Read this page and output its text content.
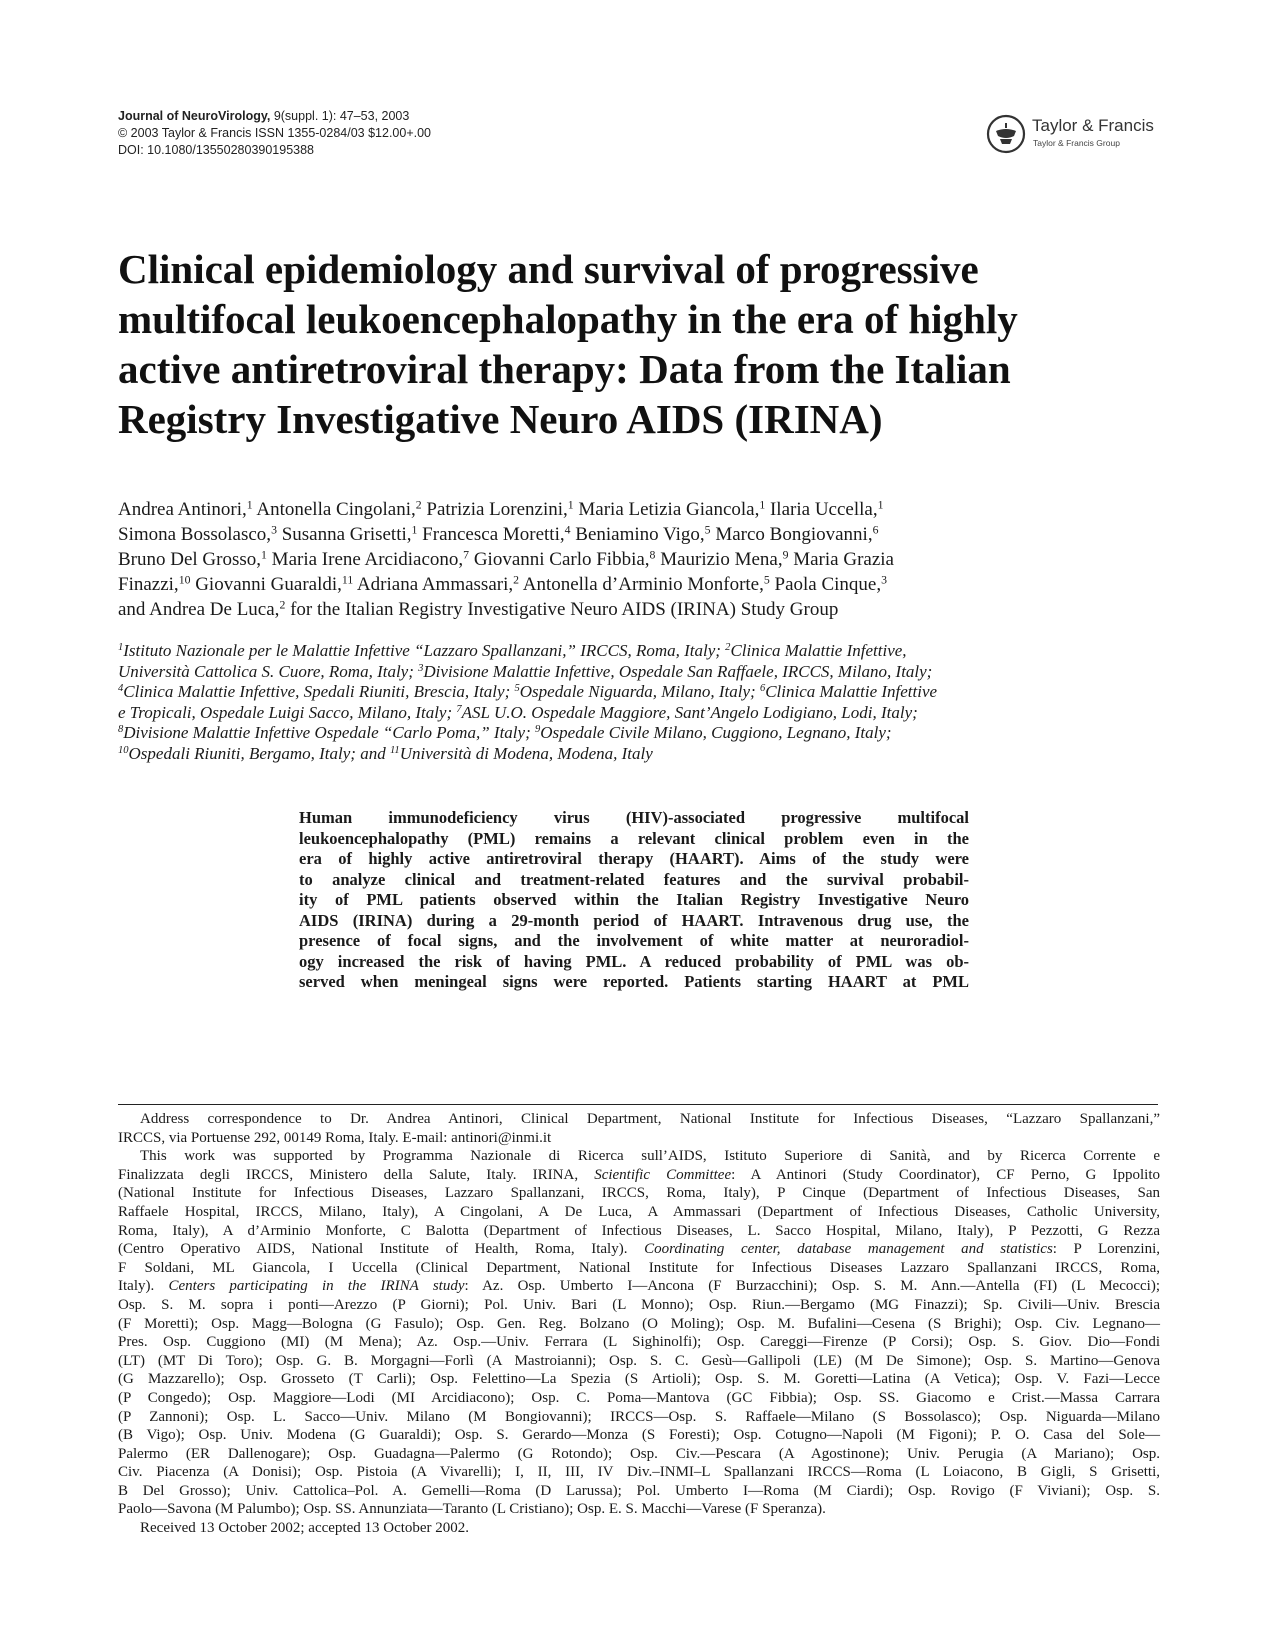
Journal of NeuroVirology, 9(suppl. 1): 47–53, 2003
© 2003 Taylor & Francis ISSN 1355-0284/03 $12.00+.00
DOI: 10.1080/13550280390195388
Taylor & Francis
Taylor & Francis Group
Clinical epidemiology and survival of progressive
multifocal leukoencephalopathy in the era of highly
active antiretroviral therapy: Data from the Italian
Registry Investigative Neuro AIDS (IRINA)
Andrea Antinori,$^1$ Antonella Cingolani,$^2$ Patrizia Lorenzini,$^1$ Maria Letizia Giancola,$^1$ Ilaria Uccella,$^1$
Simona Bossolasco,$^3$ Susanna Grisetti,$^1$ Francesca Moretti,$^4$ Beniamino Vigo,$^5$ Marco Bongiovanni,$^6$
Bruno Del Grosso,$^1$ Maria Irene Arcidiacono,$^7$ Giovanni Carlo Fibbia,$^8$ Maurizio Mena,$^9$ Maria Grazia
Finazzi,$^{10}$ Giovanni Guaraldi,$^{11}$ Adriana Ammassari,$^2$ Antonella d’Arminio Monforte,$^5$ Paola Cinque,$^3$
and Andrea De Luca,$^2$ for the Italian Registry Investigative Neuro AIDS (IRINA) Study Group
$^1$Istituto Nazionale per le Malattie Infettive “Lazzaro Spallanzani,” IRCCS, Roma, Italy; $^2$Clinica Malattie Infettive,
Università Cattolica S. Cuore, Roma, Italy; $^3$Divisione Malattie Infettive, Ospedale San Raffaele, IRCCS, Milano, Italy;
$^4$Clinica Malattie Infettive, Spedali Riuniti, Brescia, Italy; $^5$Ospedale Niguarda, Milano, Italy; $^6$Clinica Malattie Infettive
e Tropicali, Ospedale Luigi Sacco, Milano, Italy; $^7$ASL U.O. Ospedale Maggiore, Sant’Angelo Lodigiano, Lodi, Italy;
$^8$Divisione Malattie Infettive Ospedale “Carlo Poma,” Italy; $^9$Ospedale Civile Milano, Cuggiono, Legnano, Italy;
$^{10}$Ospedali Riuniti, Bergamo, Italy; and $^{11}$Università di Modena, Modena, Italy
Human immunodeficiency virus (HIV)-associated progressive multifocal
leukoencephalopathy (PML) remains a relevant clinical problem even in the
era of highly active antiretroviral therapy (HAART). Aims of the study were
to analyze clinical and treatment-related features and the survival probabil-
ity of PML patients observed within the Italian Registry Investigative Neuro
AIDS (IRINA) during a 29-month period of HAART. Intravenous drug use, the
presence of focal signs, and the involvement of white matter at neuroradiol-
ogy increased the risk of having PML. A reduced probability of PML was ob-
served when meningeal signs were reported. Patients starting HAART at PML
Address correspondence to Dr. Andrea Antinori, Clinical Department, National Institute for Infectious Diseases, “Lazzaro Spallanzani,”
IRCCS, via Portuense 292, 00149 Roma, Italy. E-mail: antinori@inmi.it
This work was supported by Programma Nazionale di Ricerca sull’AIDS, Istituto Superiore di Sanità, and by Ricerca Corrente e
Finalizzata degli IRCCS, Ministero della Salute, Italy. IRINA, Scientific Committee: A Antinori (Study Coordinator), CF Perno, G Ippolito
(National Institute for Infectious Diseases, Lazzaro Spallanzani, IRCCS, Roma, Italy), P Cinque (Department of Infectious Diseases, San
Raffaele Hospital, IRCCS, Milano, Italy), A Cingolani, A De Luca, A Ammassari (Department of Infectious Diseases, Catholic University,
Roma, Italy), A d’Arminio Monforte, C Balotta (Department of Infectious Diseases, L. Sacco Hospital, Milano, Italy), P Pezzotti, G Rezza
(Centro Operativo AIDS, National Institute of Health, Roma, Italy). Coordinating center, database management and statistics: P Lorenzini,
F Soldani, ML Giancola, I Uccella (Clinical Department, National Institute for Infectious Diseases Lazzaro Spallanzani IRCCS, Roma,
Italy). Centers participating in the IRINA study: Az. Osp. Umberto I—Ancona (F Burzacchini); Osp. S. M. Ann.—Antella (FI) (L Mecocci);
Osp. S. M. sopra i ponti—Arezzo (P Giorni); Pol. Univ. Bari (L Monno); Osp. Riun.—Bergamo (MG Finazzi); Sp. Civili—Univ. Brescia
(F Moretti); Osp. Magg—Bologna (G Fasulo); Osp. Gen. Reg. Bolzano (O Moling); Osp. M. Bufalini—Cesena (S Brighi); Osp. Civ. Legnano—
Pres. Osp. Cuggiono (MI) (M Mena); Az. Osp.—Univ. Ferrara (L Sighinolfi); Osp. Careggi—Firenze (P Corsi); Osp. S. Giov. Dio—Fondi
(LT) (MT Di Toro); Osp. G. B. Morgagni—Forlì (A Mastroianni); Osp. S. C. Gesù—Gallipoli (LE) (M De Simone); Osp. S. Martino—Genova
(G Mazzarello); Osp. Grosseto (T Carli); Osp. Felettino—La Spezia (S Artioli); Osp. S. M. Goretti—Latina (A Vetica); Osp. V. Fazi—Lecce
(P Congedo); Osp. Maggiore—Lodi (MI Arcidiacono); Osp. C. Poma—Mantova (GC Fibbia); Osp. SS. Giacomo e Crist.—Massa Carrara
(P Zannoni); Osp. L. Sacco—Univ. Milano (M Bongiovanni); IRCCS—Osp. S. Raffaele—Milano (S Bossolasco); Osp. Niguarda—Milano
(B Vigo); Osp. Univ. Modena (G Guaraldi); Osp. S. Gerardo—Monza (S Foresti); Osp. Cotugno—Napoli (M Figoni); P. O. Casa del Sole—
Palermo (ER Dallenogare); Osp. Guadagna—Palermo (G Rotondo); Osp. Civ.—Pescara (A Agostinone); Univ. Perugia (A Mariano); Osp.
Civ. Piacenza (A Donisi); Osp. Pistoia (A Vivarelli); I, II, III, IV Div.–INMI–L Spallanzani IRCCS—Roma (L Loiacono, B Gigli, S Grisetti,
B Del Grosso); Univ. Cattolica–Pol. A. Gemelli—Roma (D Larussa); Pol. Umberto I—Roma (M Ciardi); Osp. Rovigo (F Viviani); Osp. S.
Paolo—Savona (M Palumbo); Osp. SS. Annunziata—Taranto (L Cristiano); Osp. E. S. Macchi—Varese (F Speranza).
Received 13 October 2002; accepted 13 October 2002.
